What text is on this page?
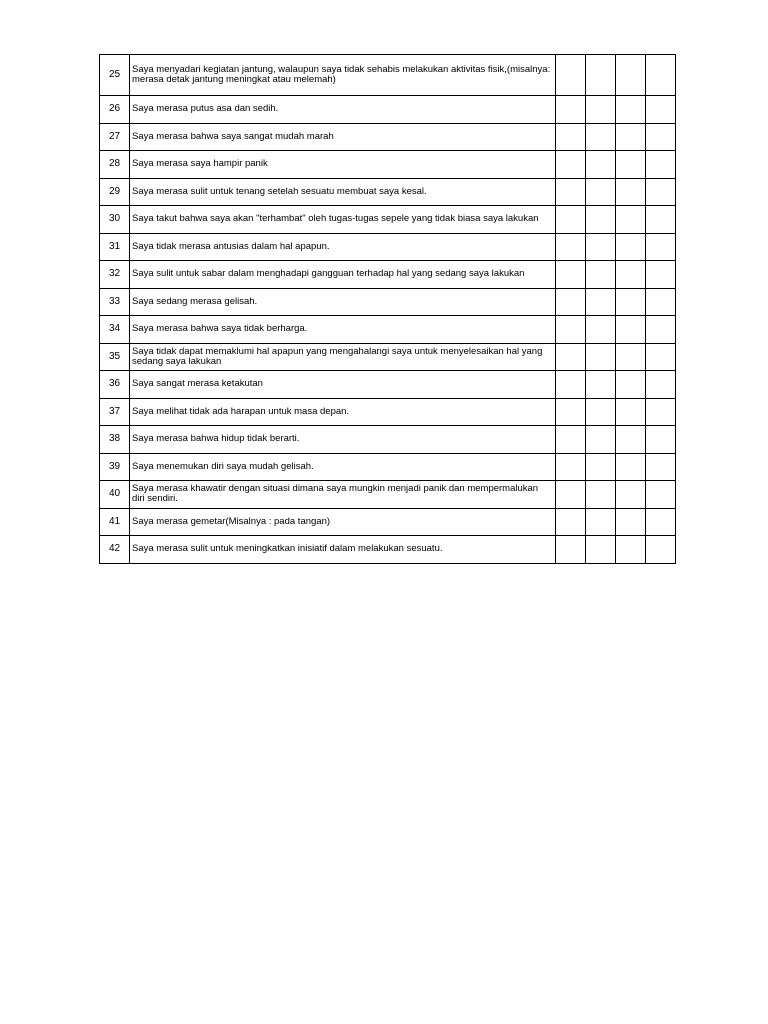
25	Saya menyadari kegiatan jantung, walaupun saya tidak sehabis melakukan aktivitas fisik,(misalnya: merasa detak jantung meningkat atau melemah)				
26	Saya merasa putus asa dan sedih.				
27	Saya merasa bahwa saya sangat mudah marah				
28	Saya merasa saya hampir panik				
29	Saya merasa sulit untuk tenang setelah sesuatu membuat saya kesal.				
30	Saya takut bahwa saya akan "terhambat" oleh tugas-tugas sepele yang tidak biasa saya lakukan				
31	Saya tidak merasa antusias dalam hal apapun.				
32	Saya sulit untuk sabar dalam menghadapi gangguan terhadap hal yang sedang saya lakukan				
33	Saya sedang merasa gelisah.				
34	Saya merasa bahwa saya tidak berharga.				
35	Saya tidak dapat memaklumi hal apapun yang mengahalangi saya untuk menyelesaikan hal yang sedang saya lakukan				
36	Saya sangat merasa ketakutan				
37	Saya melihat tidak ada harapan untuk masa depan.				
38	Saya merasa bahwa hidup tidak berarti.				
39	Saya menemukan diri saya mudah gelisah.				
40	Saya merasa khawatir dengan situasi dimana saya mungkin menjadi panik dan mempermalukan diri sendiri.				
41	Saya merasa gemetar(Misalnya : pada tangan)				
42	Saya merasa sulit untuk meningkatkan inisiatif dalam melakukan sesuatu.				
